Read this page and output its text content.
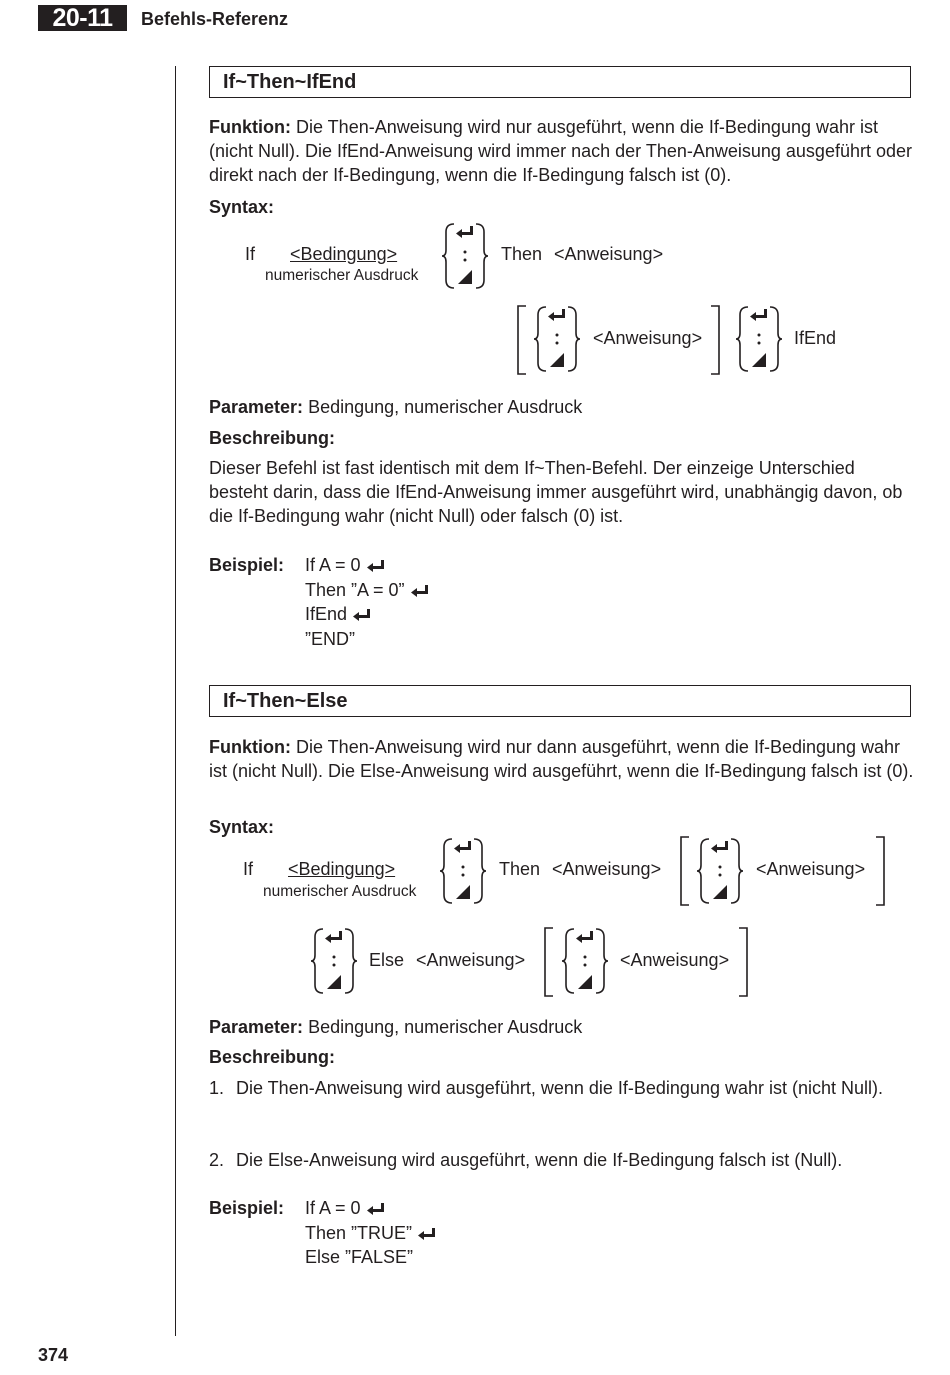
20-11	Befehls-Referenz
374
If~Then~IfEnd
Funktion: Die Then-Anweisung wird nur ausgeführt, wenn die If-Bedingung wahr ist (nicht Null). Die IfEnd-Anweisung wird immer nach der Then-Anweisung ausgeführt oder direkt nach der If-Bedingung, wenn die If-Bedingung falsch ist (0).
Syntax:
If <Bedingung>
numerischer Ausdruck
Then <Anweisung>
<Anweisung>	IfEnd
Parameter: Bedingung, numerischer Ausdruck
Beschreibung:
Dieser Befehl ist fast identisch mit dem If~Then-Befehl. Der einzeige Unterschied besteht darin, dass die IfEnd-Anweisung immer ausgeführt wird, unabhängig davon, ob die If-Bedingung wahr (nicht Null) oder falsch (0) ist.
Beispiel: If A = 0
Then ”A = 0”
IfEnd
”END”
If~Then~Else
Funktion: Die Then-Anweisung wird nur dann ausgeführt, wenn die If-Bedingung wahr ist (nicht Null). Die Else-Anweisung wird ausgeführt, wenn die If-Bedingung falsch ist (0).
Syntax:
If <Bedingung>
numerischer Ausdruck
Then <Anweisung>	<Anweisung>
Else <Anweisung>	<Anweisung>
Parameter: Bedingung, numerischer Ausdruck
Beschreibung:
1. Die Then-Anweisung wird ausgeführt, wenn die If-Bedingung wahr ist (nicht Null).
2. Die Else-Anweisung wird ausgeführt, wenn die If-Bedingung falsch ist (Null).
Beispiel: If A = 0
Then ”TRUE”
Else ”FALSE”
